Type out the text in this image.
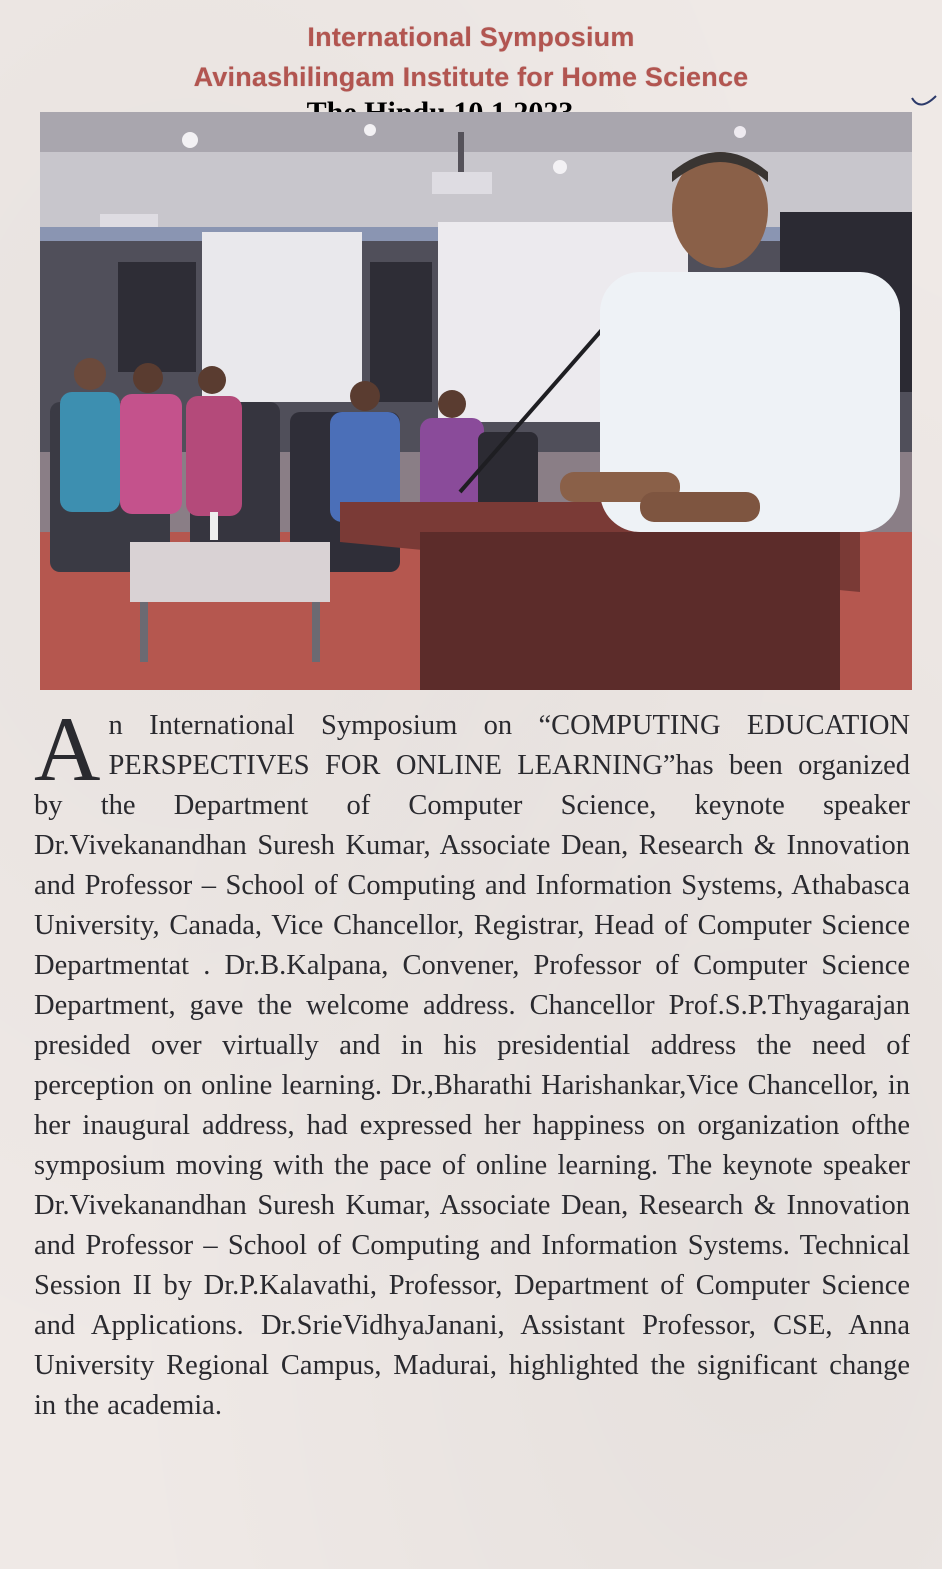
International Symposium
Avinashilingam Institute for Home Science
An International Symposium on “COMPUTING EDUCATION PERSPECTIVES FOR ONLINE LEARNING”has been organized by the Department of Computer Science, keynote speaker Dr.Vivekanandhan Suresh Kumar, Associate Dean, Research & Innovation and Professor – School of Computing and Information Systems, Athabasca University, Canada, Vice Chancellor, Registrar, Head of Computer Science Departmentat . Dr.B.Kalpana, Convener, Professor of Computer Science Department, gave the welcome address. Chancellor Prof.S.P.Thyagarajan presided over virtually and in his presidential address the need of perception on online learning. Dr.,Bharathi Harishankar,Vice Chancellor, in her inaugural address, had expressed her happiness on organization ofthe symposium moving with the pace of online learning. The keynote speaker Dr.Vivekanandhan Suresh Kumar, Associate Dean, Research & Innovation and Professor – School of Computing and Information Systems. Technical Session II by Dr.P.Kalavathi, Professor, Department of Computer Science and Applications. Dr.SrieVidhyaJanani, Assistant Professor, CSE, Anna University Regional Campus, Madurai, highlighted the significant change in the academia.
